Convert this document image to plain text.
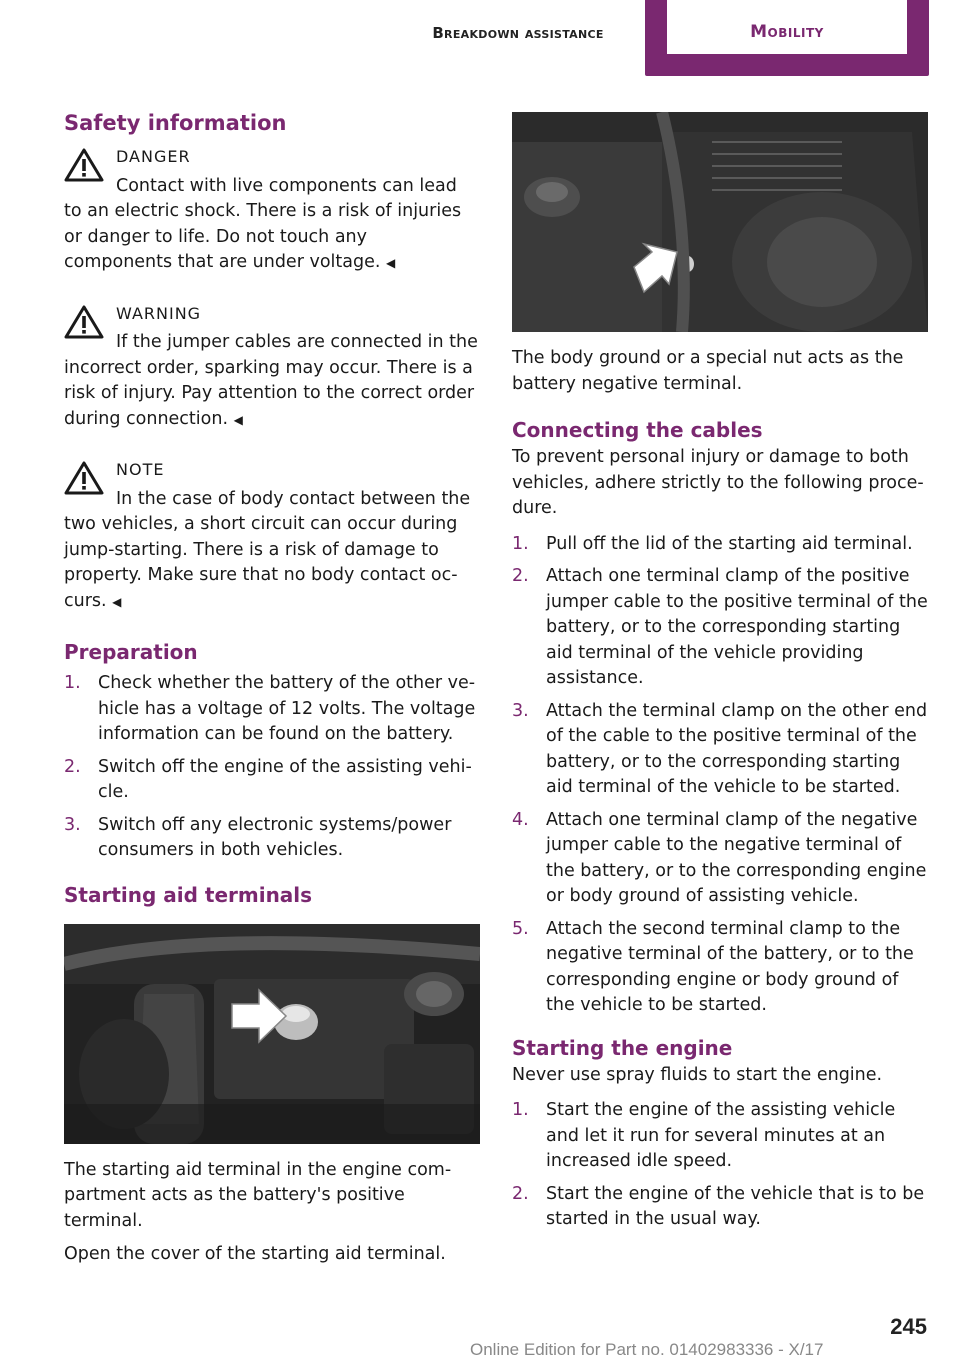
Breakdown assistance	Mobility
Safety information
DANGER

Contact with live components can lead to an electric shock. There is a risk of injuries or danger to life. Do not touch any components that are under voltage. ◀

WARNING

If the jumper cables are connected in the incorrect order, sparking may occur. There is a risk of injury. Pay attention to the correct order during connection. ◀

NOTE

In the case of body contact between the two vehicles, a short circuit can occur during jump-starting. There is a risk of damage to property. Make sure that no body contact oc‐curs. ◀

Preparation
1. Check whether the battery of the other ve‐hicle has a voltage of 12 volts. The voltage information can be found on the battery.
2. Switch off the engine of the assisting vehi‐cle.
3. Switch off any electronic systems/power consumers in both vehicles.
Starting aid terminals

The starting aid terminal in the engine com‐partment acts as the battery's positive terminal.

Open the cover of the starting aid terminal.

The body ground or a special nut acts as the battery negative terminal.

Connecting the cables

To prevent personal injury or damage to both vehicles, adhere strictly to the following proce‐dure.

1. Pull off the lid of the starting aid terminal.
2. Attach one terminal clamp of the positive jumper cable to the positive terminal of the battery, or to the corresponding starting aid terminal of the vehicle providing assistance.
3. Attach the terminal clamp on the other end of the cable to the positive terminal of the battery, or to the corresponding starting aid terminal of the vehicle to be started.
4. Attach one terminal clamp of the negative jumper cable to the negative terminal of the battery, or to the corresponding engine or body ground of assisting vehicle.
5. Attach the second terminal clamp to the negative terminal of the battery, or to the corresponding engine or body ground of the vehicle to be started.
Starting the engine

Never use spray fluids to start the engine.

1. Start the engine of the assisting vehicle and let it run for several minutes at an increased idle speed.
2. Start the engine of the vehicle that is to be started in the usual way.
245
Online Edition for Part no. 01402983336 - X/17
